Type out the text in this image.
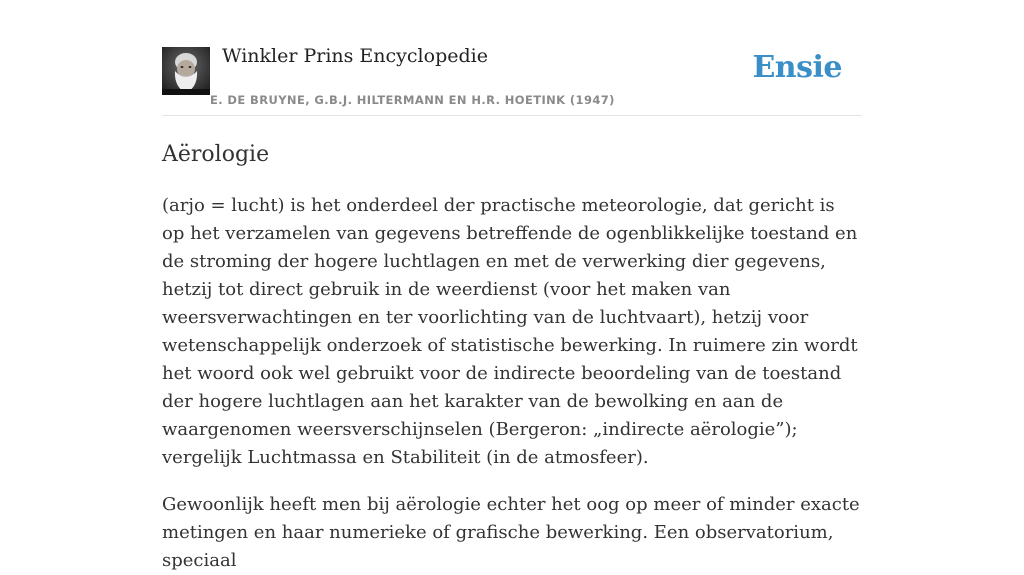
Winkler Prins Encyclopedie
E. DE BRUYNE, G.B.J. HILTERMANN EN H.R. HOETINK (1947)
Ensie
Aërologie

(arjo = lucht) is het onderdeel der practische meteorologie, dat gericht is op het verzamelen van gegevens betreffende de ogenblikkelijke toestand en de stroming der hogere luchtlagen en met de verwerking dier gegevens, hetzij tot direct gebruik in de weerdienst (voor het maken van weersverwachtingen en ter voorlichting van de luchtvaart), hetzij voor wetenschappelijk onderzoek of statistische bewerking. In ruimere zin wordt het woord ook wel gebruikt voor de indirecte beoordeling van de toestand der hogere luchtlagen aan het karakter van de bewolking en aan de waargenomen weersverschijnselen (Bergeron: „indirecte aërologie”); vergelijk Luchtmassa en Stabiliteit (in de atmosfeer).

Gewoonlijk heeft men bij aërologie echter het oog op meer of minder exacte metingen en haar numerieke of grafische bewerking. Een observatorium, speciaal
